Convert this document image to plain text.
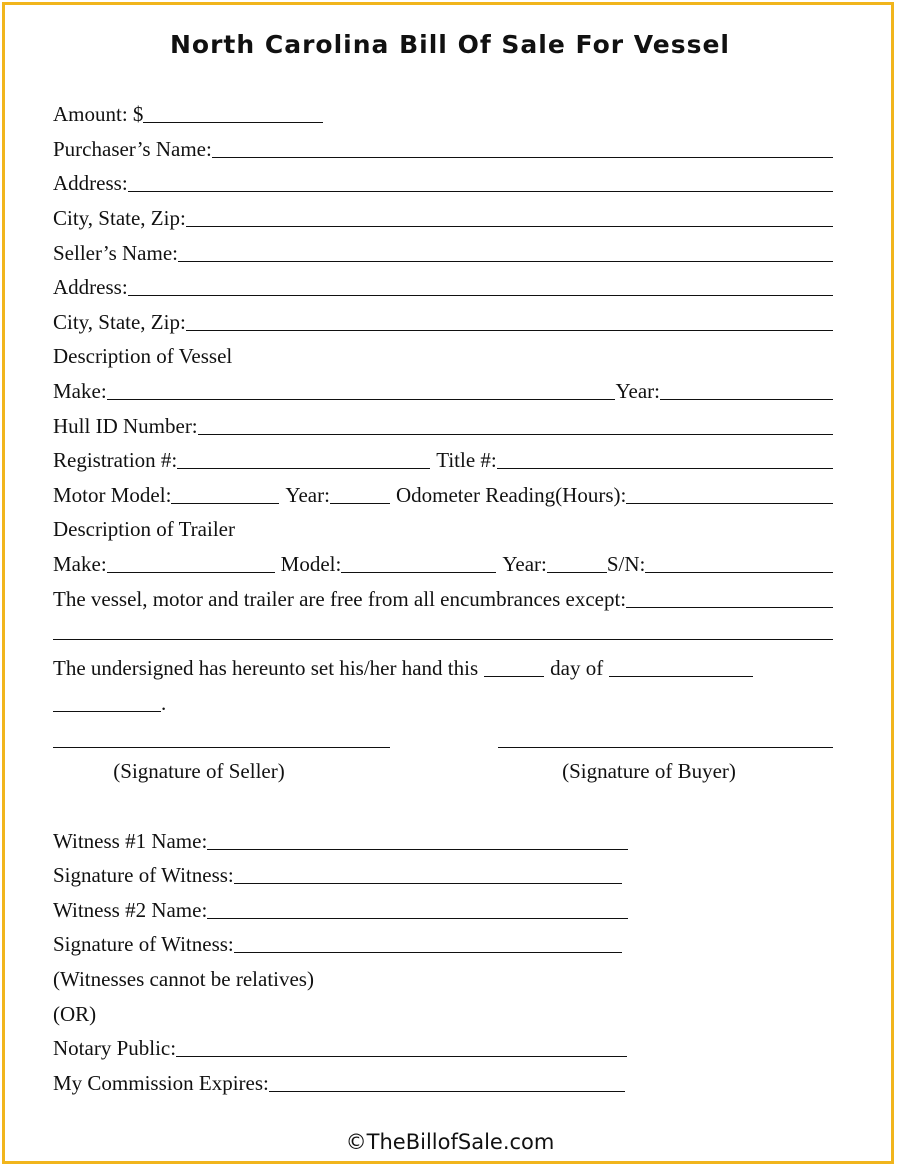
North Carolina Bill Of Sale For Vessel
Amount: $
Purchaser’s Name:
Address:
City, State, Zip:
Seller’s Name:
Address:
City, State, Zip:
Description of Vessel
Make:	Year:
Hull ID Number:
Registration #:	Title #:
Motor Model:	Year:	Odometer Reading(Hours):
Description of Trailer
Make:	Model:	Year:	S/N:
The vessel, motor and trailer are free from all encumbrances except:
The undersigned has hereunto set his/her hand this	day of
.
(Signature of Seller)	(Signature of Buyer)
Witness #1 Name:
Signature of Witness:
Witness #2 Name:
Signature of Witness:
(Witnesses cannot be relatives)
(OR)
Notary Public:
My Commission Expires:
©TheBillofSale.com
